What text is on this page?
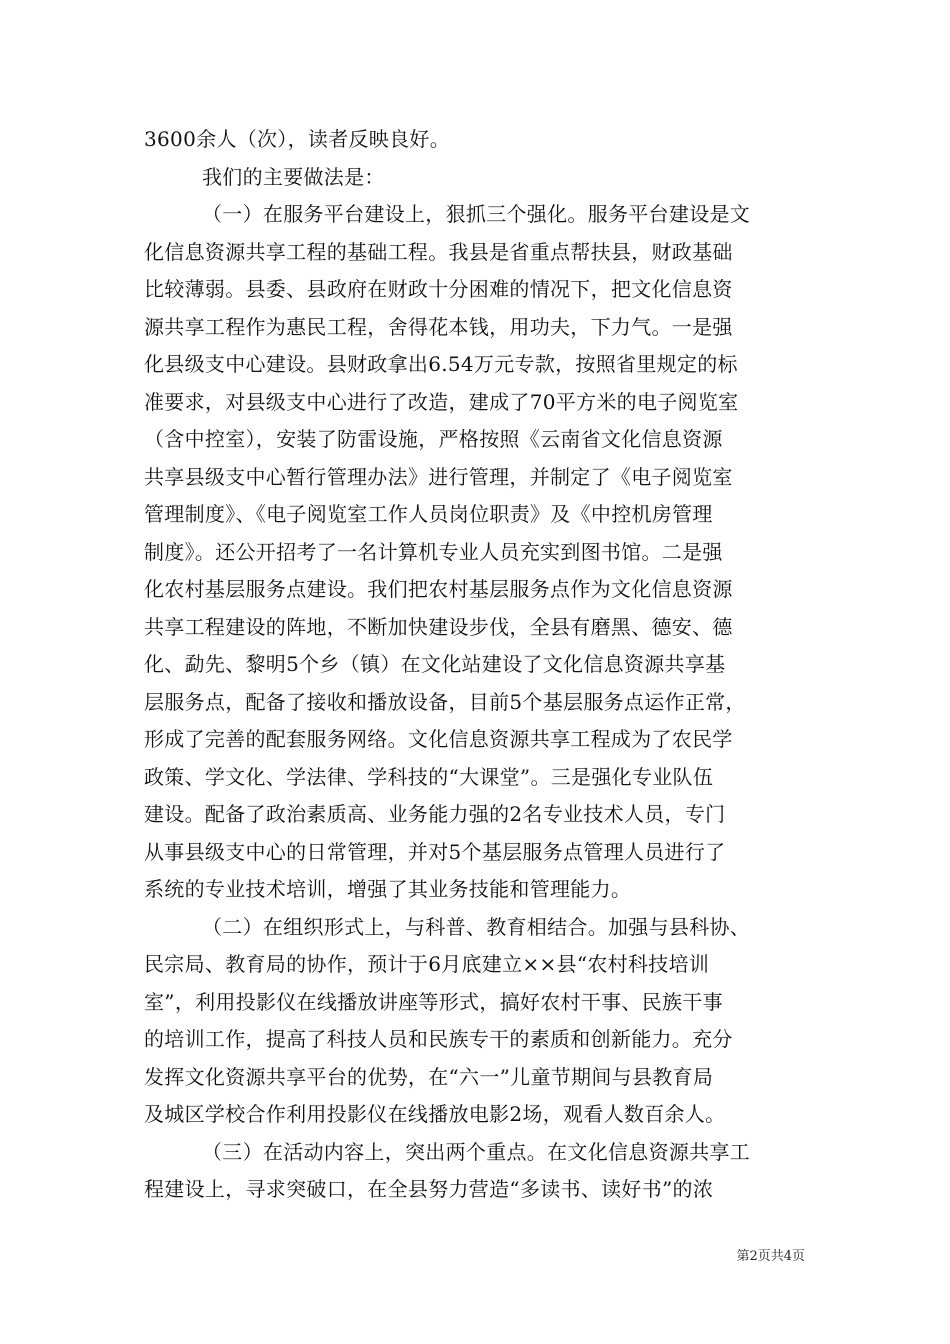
3600余人（次），读者反映良好。
我们的主要做法是：
（一）在服务平台建设上，狠抓三个强化。服务平台建设是文
化信息资源共享工程的基础工程。我县是省重点帮扶县，财政基础
比较薄弱。县委、县政府在财政十分困难的情况下，把文化信息资
源共享工程作为惠民工程，舍得花本钱，用功夫，下力气。一是强
化县级支中心建设。县财政拿出6.54万元专款，按照省里规定的标
准要求，对县级支中心进行了改造，建成了70平方米的电子阅览室
（含中控室），安装了防雷设施，严格按照《云南省文化信息资源
共享县级支中心暂行管理办法》进行管理，并制定了《电子阅览室
管理制度》、《电子阅览室工作人员岗位职责》及《中控机房管理
制度》。还公开招考了一名计算机专业人员充实到图书馆。二是强
化农村基层服务点建设。我们把农村基层服务点作为文化信息资源
共享工程建设的阵地，不断加快建设步伐，全县有磨黑、德安、德
化、勐先、黎明5个乡（镇）在文化站建设了文化信息资源共享基
层服务点，配备了接收和播放设备，目前5个基层服务点运作正常，
形成了完善的配套服务网络。文化信息资源共享工程成为了农民学
政策、学文化、学法律、学科技的“大课堂”。三是强化专业队伍
建设。配备了政治素质高、业务能力强的2名专业技术人员，专门
从事县级支中心的日常管理，并对5个基层服务点管理人员进行了
系统的专业技术培训，增强了其业务技能和管理能力。
（二）在组织形式上，与科普、教育相结合。加强与县科协、
民宗局、教育局的协作，预计于6月底建立××县“农村科技培训
室”，利用投影仪在线播放讲座等形式，搞好农村干事、民族干事
的培训工作，提高了科技人员和民族专干的素质和创新能力。充分
发挥文化资源共享平台的优势，在“六一”儿童节期间与县教育局
及城区学校合作利用投影仪在线播放电影2场，观看人数百余人。
（三）在活动内容上，突出两个重点。在文化信息资源共享工
程建设上，寻求突破口，在全县努力营造“多读书、读好书”的浓
第2页共4页
